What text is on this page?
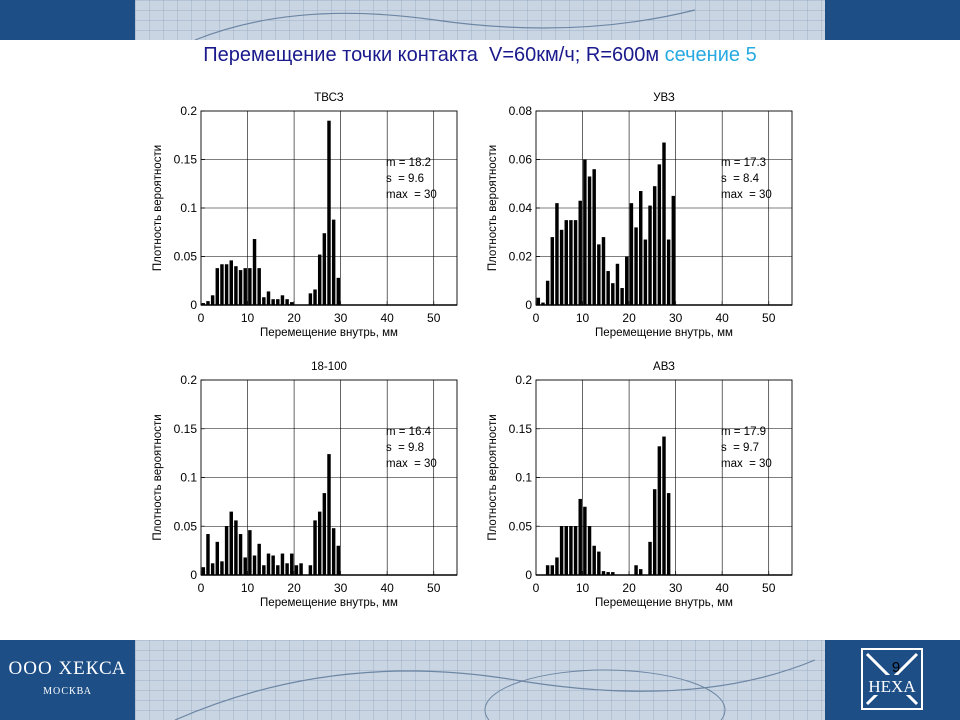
Перемещение точки контакта  V=60км/ч; R=600м сечение 5
0	10	20	30	40	50
0
0.05
0.1
0.15
0.2
ТВСЗ
Перемещение внутрь, мм
Плотность вероятности	m = 18.2
s  = 9.6
max  = 30
0	10	20	30	40	50
0
0.02
0.04
0.06
0.08
УВЗ
Перемещение внутрь, мм
Плотность вероятности	m = 17.3
s  = 8.4
max  = 30
0	10	20	30	40	50
0
0.05
0.1
0.15
0.2
18-100
Перемещение внутрь, мм
Плотность вероятности	m = 16.4
s  = 9.8
max  = 30
0	10	20	30	40	50
0
0.05
0.1
0.15
0.2
АВЗ
Перемещение внутрь, мм
Плотность вероятности	m = 17.9
s  = 9.7
max  = 30
ООО ХЕКСА
МОСКВА	HEXA
9
